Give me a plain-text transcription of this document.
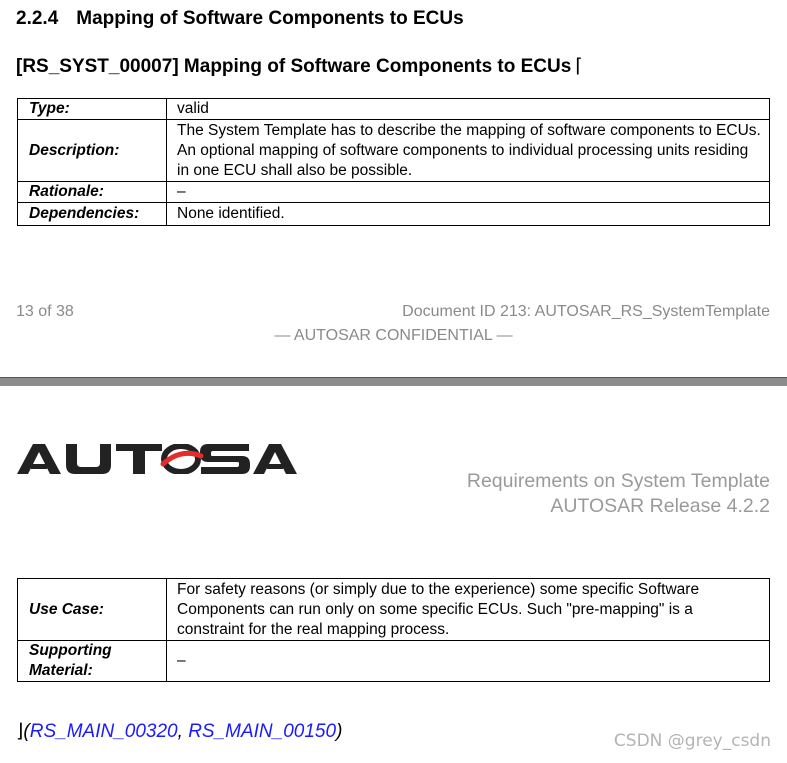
2.2.4 Mapping of Software Components to ECUs
[RS_SYST_00007] Mapping of Software Components to ECUs ⌈
Type:	valid
Description:	The System Template has to describe the mapping of software components to ECUs. An optional mapping of software components to individual processing units residing in one ECU shall also be possible.
Rationale:	–
Dependencies:	None identified.
13 of 38	Document ID 213: AUTOSAR_RS_SystemTemplate
— AUTOSAR CONFIDENTIAL —
Requirements on System Template
AUTOSAR Release 4.2.2
Use Case:	For safety reasons (or simply due to the experience) some specific Software Components can run only on some specific ECUs. Such "pre-mapping" is a constraint for the real mapping process.
Supporting Material:	–
⌋(RS_MAIN_00320, RS_MAIN_00150)	CSDN @grey_csdn
